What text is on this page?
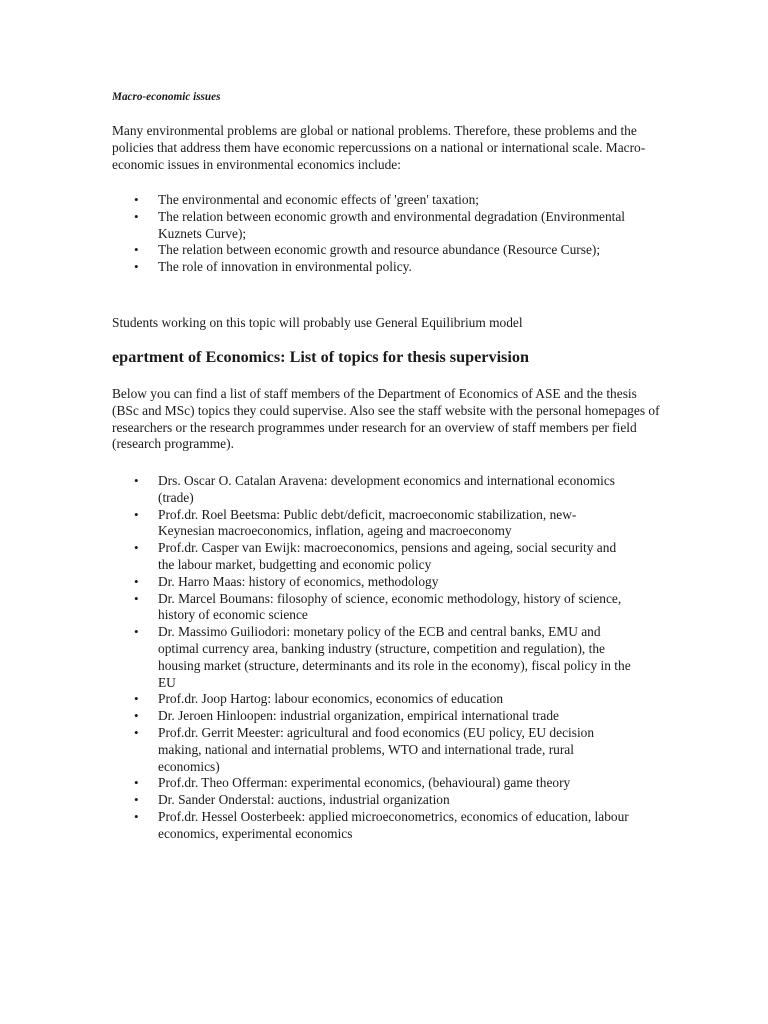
Macro-economic issues

Many environmental problems are global or national problems. Therefore, these problems and the policies that address them have economic repercussions on a national or international scale. Macro-economic issues in environmental economics include:

• The environmental and economic effects of 'green' taxation;
• The relation between economic growth and environmental degradation (Environmental Kuznets Curve);
• The relation between economic growth and resource abundance (Resource Curse);
• The role of innovation in environmental policy.

Students working on this topic will probably use General Equilibrium model

epartment of Economics: List of topics for thesis supervision

Below you can find a list of staff members of the Department of Economics of ASE and the thesis (BSc and MSc) topics they could supervise. Also see the staff website with the personal homepages of researchers or the research programmes under research for an overview of staff members per field (research programme).

• Drs. Oscar O. Catalan Aravena: development economics and international economics (trade)
• Prof.dr. Roel Beetsma: Public debt/deficit, macroeconomic stabilization, new-Keynesian macroeconomics, inflation, ageing and macroeconomy
• Prof.dr. Casper van Ewijk: macroeconomics, pensions and ageing, social security and the labour market, budgetting and economic policy
• Dr. Harro Maas: history of economics, methodology
• Dr. Marcel Boumans: filosophy of science, economic methodology, history of science, history of economic science
• Dr. Massimo Guiliodori: monetary policy of the ECB and central banks, EMU and optimal currency area, banking industry (structure, competition and regulation), the housing market (structure, determinants and its role in the economy), fiscal policy in the EU
• Prof.dr. Joop Hartog: labour economics, economics of education
• Dr. Jeroen Hinloopen: industrial organization, empirical international trade
• Prof.dr. Gerrit Meester: agricultural and food economics (EU policy, EU decision making, national and internatial problems, WTO and international trade, rural economics)
• Prof.dr. Theo Offerman: experimental economics, (behavioural) game theory
• Dr. Sander Onderstal: auctions, industrial organization
• Prof.dr. Hessel Oosterbeek: applied microeconometrics, economics of education, labour economics, experimental economics
